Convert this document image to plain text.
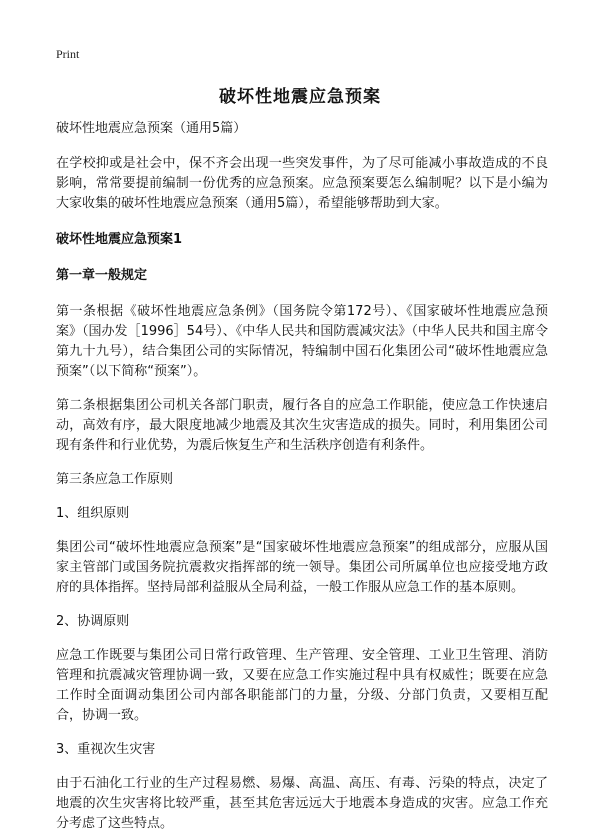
Print
破坏性地震应急预案

破坏性地震应急预案（通用5篇）

在学校抑或是社会中，保不齐会出现一些突发事件，为了尽可能减小事故造成的不良影响，常常要提前编制一份优秀的应急预案。应急预案要怎么编制呢？以下是小编为大家收集的破坏性地震应急预案（通用5篇），希望能够帮助到大家。

破坏性地震应急预案1

第一章一般规定

第一条根据《破坏性地震应急条例》（国务院令第172号）、《国家破坏性地震应急预案》（国办发［1996］54号）、《中华人民共和国防震减灾法》（中华人民共和国主席令第九十九号），结合集团公司的实际情况，特编制中国石化集团公司“破坏性地震应急预案”（以下简称“预案”）。

第二条根据集团公司机关各部门职责，履行各自的应急工作职能，使应急工作快速启动，高效有序，最大限度地减少地震及其次生灾害造成的损失。同时，利用集团公司现有条件和行业优势，为震后恢复生产和生活秩序创造有利条件。

第三条应急工作原则

1、组织原则

集团公司“破坏性地震应急预案”是“国家破坏性地震应急预案”的组成部分，应服从国家主管部门或国务院抗震救灾指挥部的统一领导。集团公司所属单位也应接受地方政府的具体指挥。坚持局部利益服从全局利益，一般工作服从应急工作的基本原则。

2、协调原则

应急工作既要与集团公司日常行政管理、生产管理、安全管理、工业卫生管理、消防管理和抗震减灾管理协调一致，又要在应急工作实施过程中具有权威性；既要在应急工作时全面调动集团公司内部各职能部门的力量，分级、分部门负责，又要相互配合，协调一致。

3、重视次生灾害

由于石油化工行业的生产过程易燃、易爆、高温、高压、有毒、污染的特点，决定了地震的次生灾害将比较严重，甚至其危害远远大于地震本身造成的灾害。应急工作充分考虑了这些特点。
